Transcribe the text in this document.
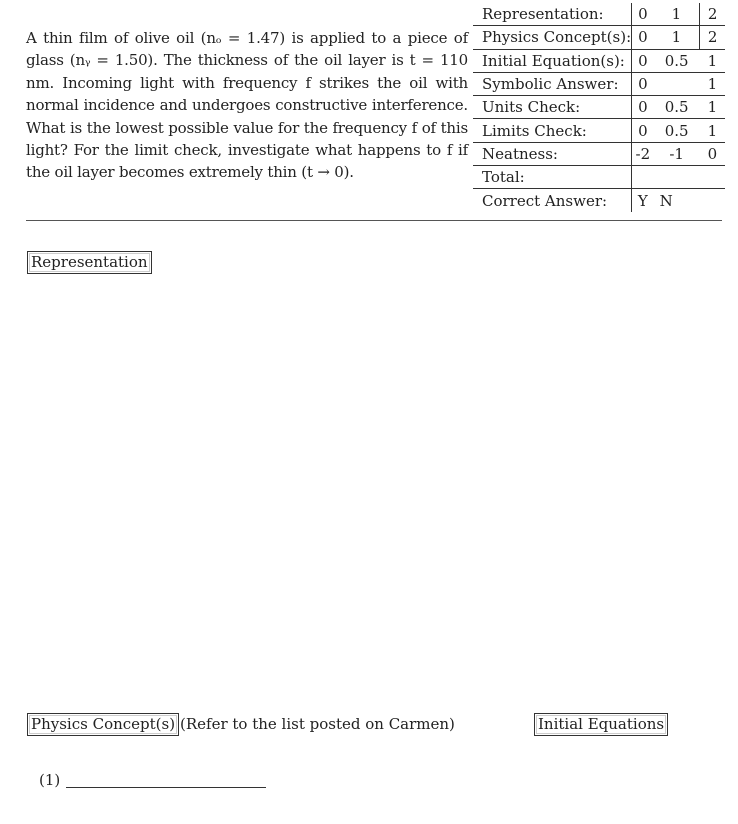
A thin film of olive oil (nₒ = 1.47) is applied to a piece of glass (nᵧ = 1.50). The thickness of the oil layer is t = 110 nm. Incoming light with frequency f strikes the oil with normal incidence and undergoes constructive interference. What is the lowest possible value for the frequency f of this light? For the limit check, investigate what happens to f if the oil layer becomes extremely thin (t → 0).

Representation:	0	1	2
Physics Concept(s):	0	1	2
Initial Equation(s):	0	0.5	1
Symbolic Answer:	0		1
Units Check:	0	0.5	1
Limits Check:	0	0.5	1
Neatness:	-2	-1	0
Total:			
Correct Answer:	Y	N	
Representation
Physics Concept(s) (Refer to the list posted on Carmen)	Initial Equations
(1)
